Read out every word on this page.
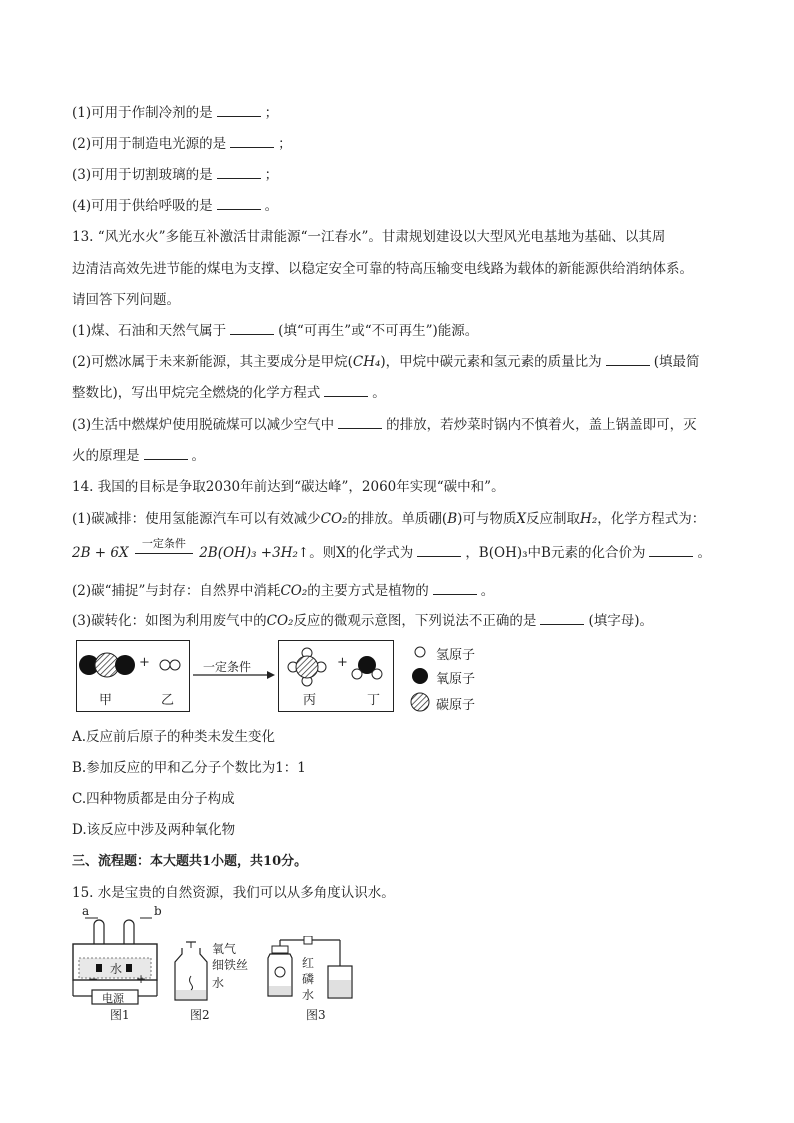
(1)可用于作制冷剂的是	；
(2)可用于制造电光源的是	；
(3)可用于切割玻璃的是	；
(4)可用于供给呼吸的是	。
13. “风光水火”多能互补激活甘肃能源“一江春水”。甘肃规划建设以大型风光电基地为基础、以其周
边清洁高效先进节能的煤电为支撑、以稳定安全可靠的特高压输变电线路为载体的新能源供给消纳体系。
请回答下列问题。
(1)煤、石油和天然气属于	(填“可再生”或“不可再生”)能源。
(2)可燃冰属于未来新能源，其主要成分是甲烷(CH₄)，甲烷中碳元素和氢元素的质量比为	(填最简
整数比)，写出甲烷完全燃烧的化学方程式	。
(3)生活中燃煤炉使用脱硫煤可以减少空气中	的排放，若炒菜时锅内不慎着火，盖上锅盖即可，灭
火的原理是	。
14. 我国的目标是争取2030年前达到“碳达峰”，2060年实现“碳中和”。
(1)碳减排：使用氢能源汽车可以有效减少CO₂的排放。单质硼(B)可与物质X反应制取H₂，化学方程式为：
2B + 6X
一定条件
2B(OH)₃ +3H₂↑。则X的化学式为	，B(OH)₃中B元素的化合价为	。
(2)碳“捕捉”与封存：自然界中消耗CO₂的主要方式是植物的	。
(3)碳转化：如图为利用废气中的CO₂反应的微观示意图，下列说法不正确的是	(填字母)。
+
甲	乙
一定条件	+
丙	丁
氢原子
氧原子
碳原子
A.反应前后原子的种类未发生变化
B.参加反应的甲和乙分子个数比为1：1
C.四种物质都是由分子构成
D.该反应中涉及两种氧化物
三、流程题：本大题共1小题，共10分。
15. 水是宝贵的自然资源，我们可以从多角度认识水。
a	b
水
−	+
电源
图1
氧气
细铁丝
水
图2
红
磷
水
图3
